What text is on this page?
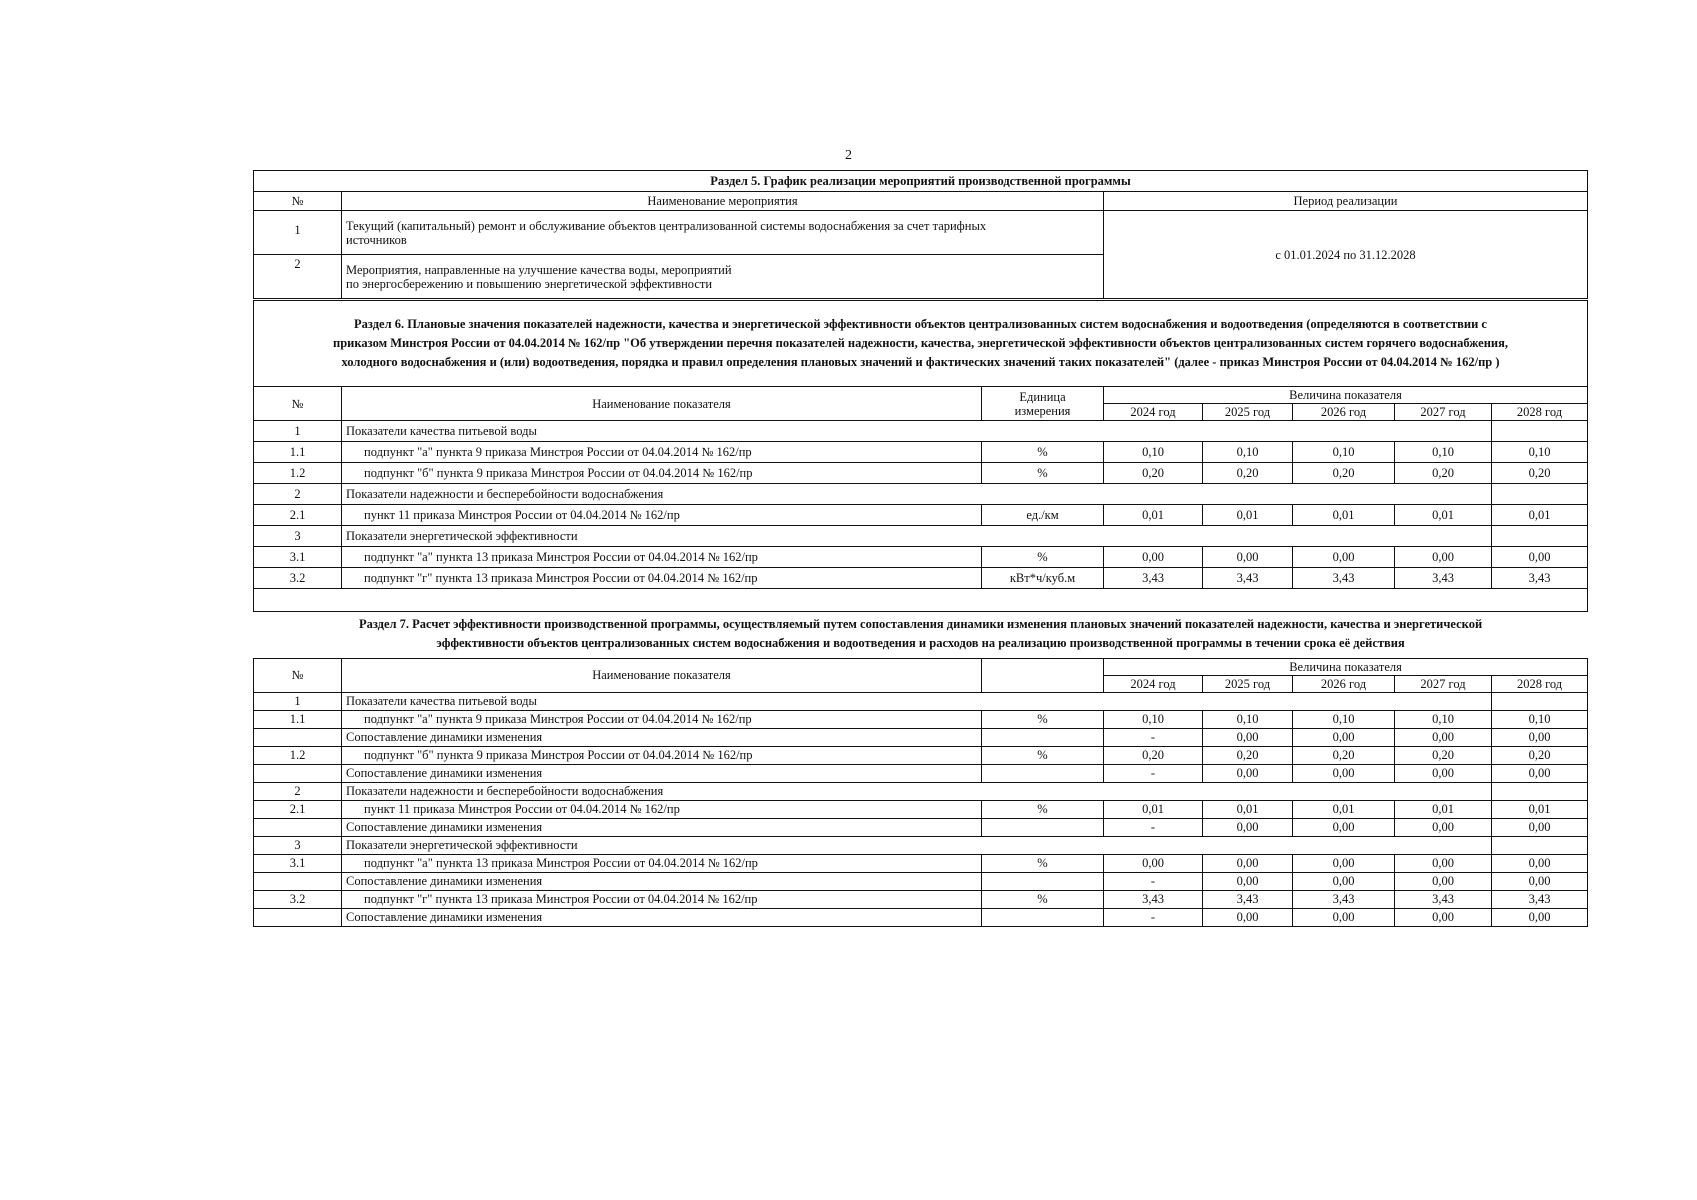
2
Раздел 5. График реализации мероприятий производственной программы		
№	Наименование мероприятия	Период реализации
1	Текущий (капитальный) ремонт и обслуживание объектов централизованной системы водоснабжения за счет тарифных
источников	с 01.01.2024 по 31.12.2028
2	Мероприятия, направленные на улучшение качества воды, мероприятий
по энергосбережению и повышению энергетической эффективности	
Раздел 6. Плановые значения показателей надежности, качества и энергетической эффективности объектов централизованных систем водоснабжения и водоотведения (определяются в соответствии с
приказом Минстроя России от 04.04.2014 № 162/пр "Об утверждении перечня показателей надежности, качества, энергетической эффективности объектов централизованных систем горячего водоснабжения,
холодного водоснабжения и (или) водоотведения, порядка и правил определения плановых значений и фактических значений таких показателей" (далее - приказ Минстроя России от 04.04.2014 № 162/пр )								

№	Наименование показателя	Единица
измерения	Величина показателя					
			2024 год	2025 год	2026 год	2027 год	2028 год	
1	Показатели качества питьевой воды							
1.1	подпункт "а" пункта 9 приказа Минстроя России от 04.04.2014 № 162/пр	%	0,10	0,10	0,10	0,10	0,10	
1.2	подпункт "б" пункта 9 приказа Минстроя России от 04.04.2014 № 162/пр	%	0,20	0,20	0,20	0,20	0,20	
2	Показатели надежности и бесперебойности водоснабжения							
2.1	пункт 11 приказа Минстроя России от 04.04.2014 № 162/пр	ед./км	0,01	0,01	0,01	0,01	0,01	
3	Показатели энергетической эффективности							
3.1	подпункт "а" пункта 13 приказа Минстроя России от 04.04.2014 № 162/пр	%	0,00	0,00	0,00	0,00	0,00	
3.2	подпункт "г" пункта 13 приказа Минстроя России от 04.04.2014 № 162/пр	кВт*ч/куб.м	3,43	3,43	3,43	3,43	3,43	

Раздел 7. Расчет эффективности производственной программы, осуществляемый путем сопоставления динамики изменения плановых значений показателей надежности, качества и энергетической
эффективности объектов централизованных систем водоснабжения и водоотведения и расходов на реализацию производственной программы в течении срока её действия								

№	Наименование показателя		Величина показателя					
			2024 год	2025 год	2026 год	2027 год	2028 год	
1	Показатели качества питьевой воды							
1.1	подпункт "а" пункта 9 приказа Минстроя России от 04.04.2014 № 162/пр	%	0,10	0,10	0,10	0,10	0,10	
	Сопоставление динамики изменения		-	0,00	0,00	0,00	0,00	
1.2	подпункт "б" пункта 9 приказа Минстроя России от 04.04.2014 № 162/пр	%	0,20	0,20	0,20	0,20	0,20	
	Сопоставление динамики изменения		-	0,00	0,00	0,00	0,00	
2	Показатели надежности и бесперебойности водоснабжения							
2.1	пункт 11 приказа Минстроя России от 04.04.2014 № 162/пр	%	0,01	0,01	0,01	0,01	0,01	
	Сопоставление динамики изменения		-	0,00	0,00	0,00	0,00	
3	Показатели энергетической эффективности							
3.1	подпункт "а" пункта 13 приказа Минстроя России от 04.04.2014 № 162/пр	%	0,00	0,00	0,00	0,00	0,00	
	Сопоставление динамики изменения		-	0,00	0,00	0,00	0,00	
3.2	подпункт "г" пункта 13 приказа Минстроя России от 04.04.2014 № 162/пр	%	3,43	3,43	3,43	3,43	3,43	
	Сопоставление динамики изменения		-	0,00	0,00	0,00	0,00	
